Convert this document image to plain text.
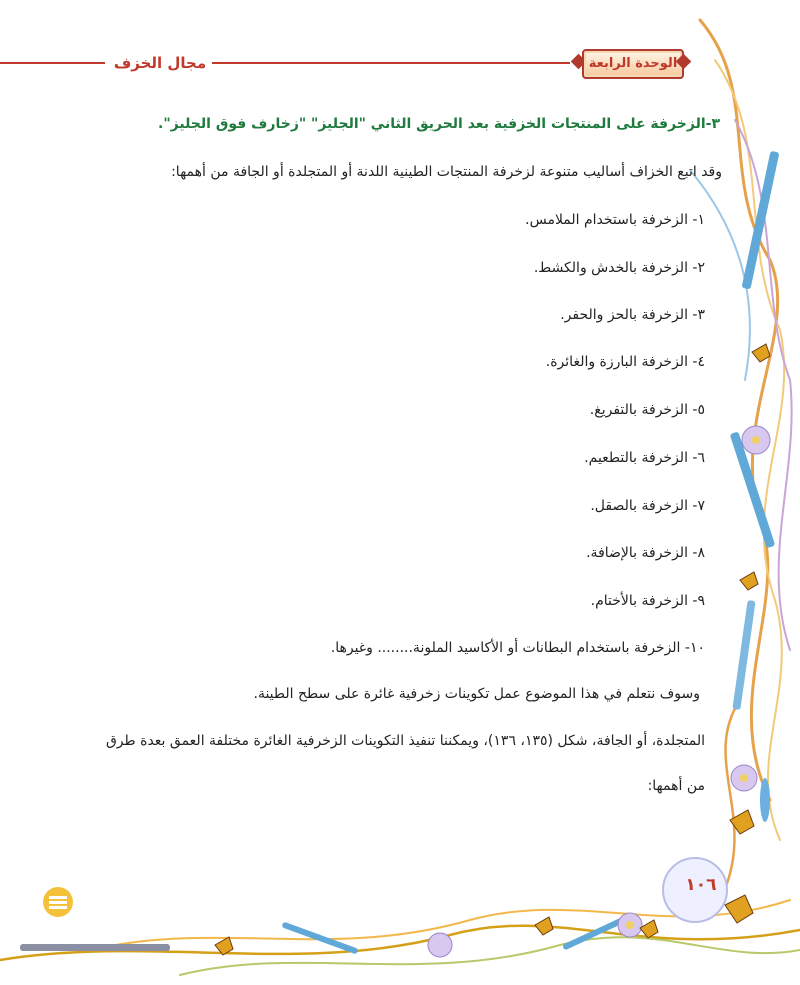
مجال الخزف	الوحدة الرابعة
٣-الزخرفة على المنتجات الخزفية بعد الحريق الثاني "الجليز" "زخارف فوق الجليز".
وقد اتبع الخزاف أساليب متنوعة لزخرفة المنتجات الطينية اللدنة أو المتجلدة أو الجافة من أهمها:
١- الزخرفة باستخدام الملامس.
٢- الزخرفة بالخدش والكشط.
٣- الزخرفة بالحز والحفر.
٤- الزخرفة البارزة والغائرة.
٥- الزخرفة بالتفريغ.
٦- الزخرفة بالتطعيم.
٧- الزخرفة بالصقل.
٨- الزخرفة بالإضافة.
٩- الزخرفة بالأختام.
١٠- الزخرفة باستخدام البطانات أو الأكاسيد الملونة........ وغيرها.
وسوف نتعلم في هذا الموضوع عمل تكوينات زخرفية غائرة على سطح الطينة.
المتجلدة، أو الجافة، شكل (١٣٥، ١٣٦)، ويمكننا تنفيذ التكوينات الزخرفية الغائرة مختلفة العمق بعدة طرق
من أهمها:
١٠٦
